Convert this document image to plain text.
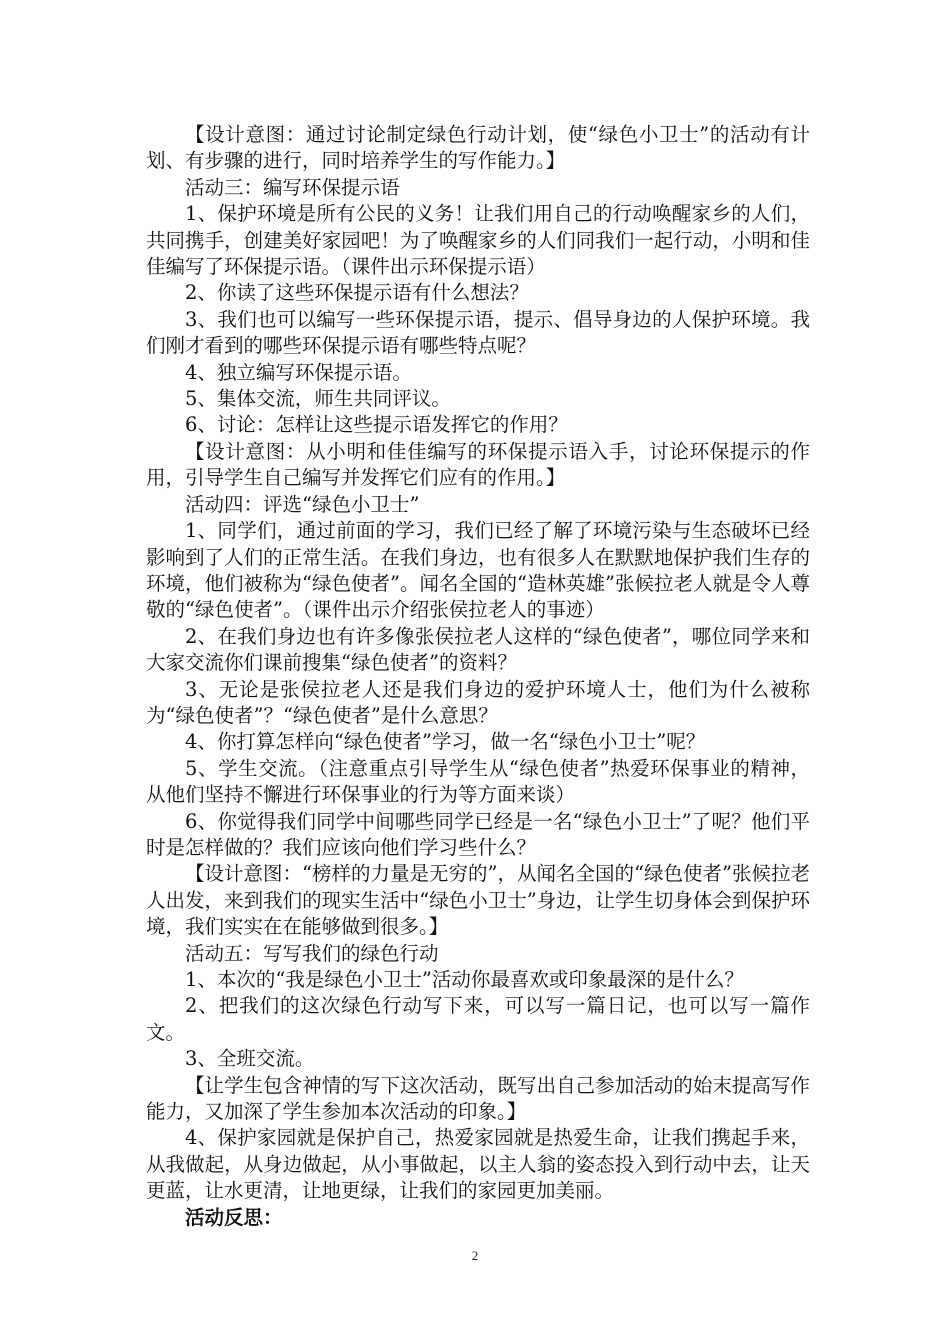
【设计意图：通过讨论制定绿色行动计划，使“绿色小卫士”的活动有计划、有步骤的进行，同时培养学生的写作能力。】

活动三：编写环保提示语

1、保护环境是所有公民的义务！让我们用自己的行动唤醒家乡的人们，共同携手，创建美好家园吧！为了唤醒家乡的人们同我们一起行动，小明和佳佳编写了环保提示语。（课件出示环保提示语）

2、你读了这些环保提示语有什么想法？

3、我们也可以编写一些环保提示语，提示、倡导身边的人保护环境。我们刚才看到的哪些环保提示语有哪些特点呢？

4、独立编写环保提示语。

5、集体交流，师生共同评议。

6、讨论：怎样让这些提示语发挥它的作用？

【设计意图：从小明和佳佳编写的环保提示语入手，讨论环保提示的作用，引导学生自己编写并发挥它们应有的作用。】

活动四：评选“绿色小卫士”

1、同学们，通过前面的学习，我们已经了解了环境污染与生态破坏已经影响到了人们的正常生活。在我们身边，也有很多人在默默地保护我们生存的环境，他们被称为“绿色使者”。闻名全国的“造林英雄”张候拉老人就是令人尊敬的“绿色使者”。（课件出示介绍张侯拉老人的事迹）

2、在我们身边也有许多像张侯拉老人这样的“绿色使者”，哪位同学来和大家交流你们课前搜集“绿色使者”的资料？

3、无论是张侯拉老人还是我们身边的爱护环境人士，他们为什么被称为“绿色使者”？“绿色使者”是什么意思？

4、你打算怎样向“绿色使者”学习，做一名“绿色小卫士”呢？

5、学生交流。（注意重点引导学生从“绿色使者”热爱环保事业的精神，从他们坚持不懈进行环保事业的行为等方面来谈）

6、你觉得我们同学中间哪些同学已经是一名“绿色小卫士”了呢？他们平时是怎样做的？我们应该向他们学习些什么？

【设计意图：“榜样的力量是无穷的”，从闻名全国的“绿色使者”张候拉老人出发，来到我们的现实生活中“绿色小卫士”身边，让学生切身体会到保护环境，我们实实在在能够做到很多。】

活动五：写写我们的绿色行动

1、本次的“我是绿色小卫士”活动你最喜欢或印象最深的是什么？

2、把我们的这次绿色行动写下来，可以写一篇日记，也可以写一篇作文。

3、全班交流。

【让学生包含神情的写下这次活动，既写出自己参加活动的始末提高写作能力，又加深了学生参加本次活动的印象。】

4、保护家园就是保护自己，热爱家园就是热爱生命，让我们携起手来，从我做起，从身边做起，从小事做起，以主人翁的姿态投入到行动中去，让天更蓝，让水更清，让地更绿，让我们的家园更加美丽。

活动反思：

2
